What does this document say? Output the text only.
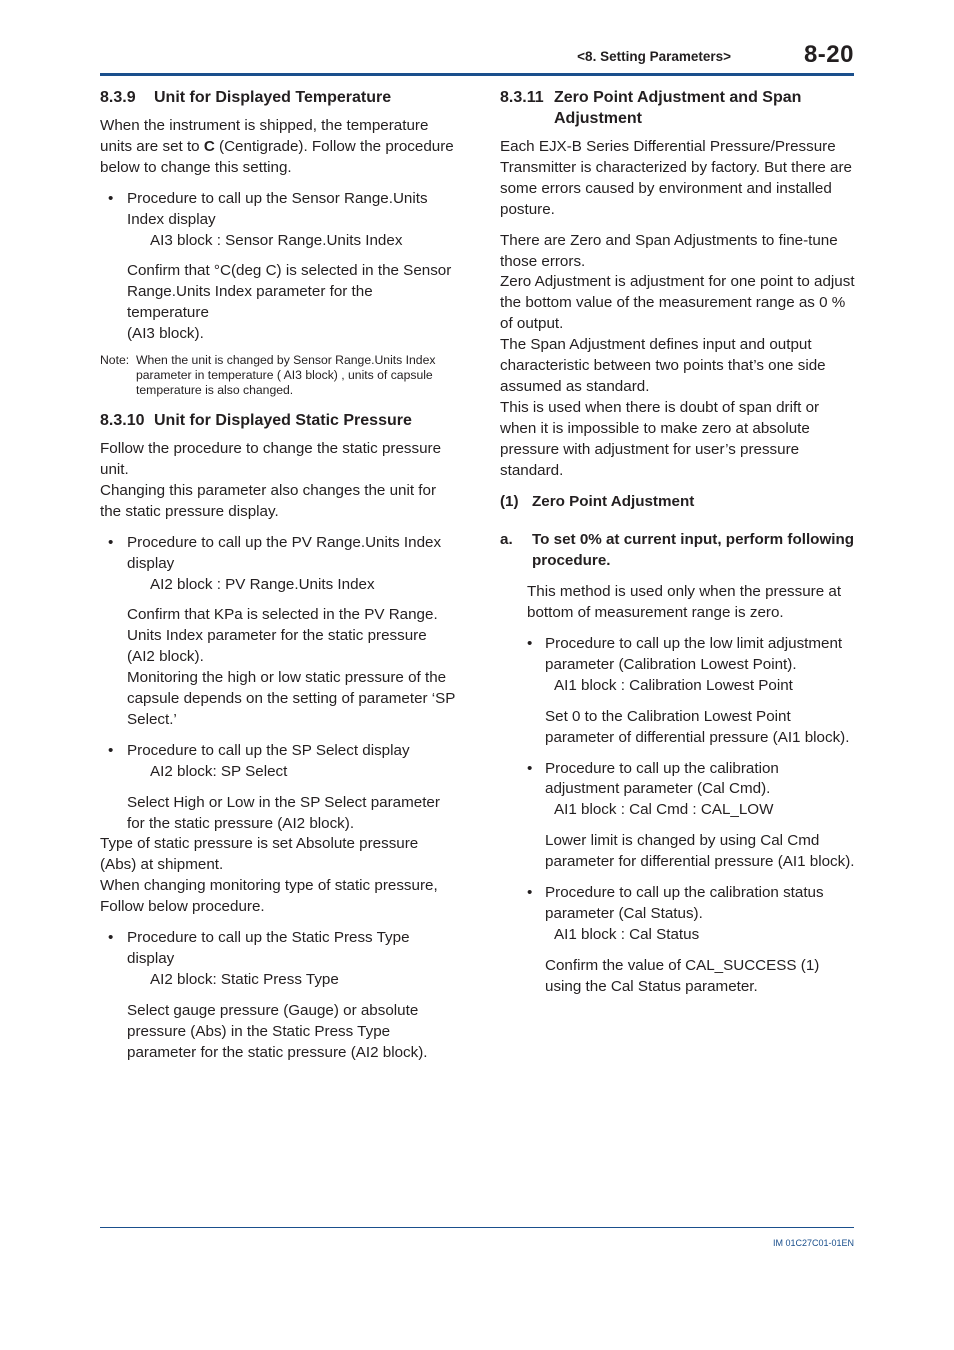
<8. Setting Parameters>	8-20
8.3.9	Unit for Displayed Temperature

When the instrument is shipped, the temperature units are set to C (Centigrade). Follow the procedure below to change this setting.

• Procedure to call up the Sensor Range.Units Index display

AI3 block : Sensor Range.Units Index

Confirm that °C(deg C) is selected in the Sensor Range.Units Index parameter for the temperature

(AI3 block).

Note: When the unit is changed by Sensor Range.Units Index parameter in temperature ( AI3 block) , units of capsule temperature is also changed.
8.3.10 Unit for Displayed Static Pressure

Follow the procedure to change the static pressure unit.

Changing this parameter also changes the unit for the static pressure display.

• Procedure to call up the PV Range.Units Index display

AI2 block : PV Range.Units Index

Confirm that KPa is selected in the PV Range. Units Index parameter for the static pressure (AI2 block).

Monitoring the high or low static pressure of the capsule depends on the setting of parameter ‘SP Select.’

• Procedure to call up the SP Select display

AI2 block: SP Select

Select High or Low in the SP Select parameter for the static pressure (AI2 block).

Type of static pressure is set Absolute pressure (Abs) at shipment.

When changing monitoring type of static pressure, Follow below procedure.

• Procedure to call up the Static Press Type display

AI2 block: Static Press Type

Select gauge pressure (Gauge) or absolute pressure (Abs) in the Static Press Type parameter for the static pressure (AI2 block).

8.3.11 Zero Point Adjustment and Span Adjustment

Each EJX-B Series Differential Pressure/Pressure Transmitter is characterized by factory. But there are some errors caused by environment and installed posture.

There are Zero and Span Adjustments to fine-tune those errors.

Zero Adjustment is adjustment for one point to adjust the bottom value of the measurement range as 0 % of output.

The Span Adjustment defines input and output characteristic between two points that’s one side assumed as standard.

This is used when there is doubt of span drift or when it is impossible to make zero at absolute pressure with adjustment for user’s pressure standard.

(1) Zero Point Adjustment
a.	To set 0% at current input, perform following procedure.

This method is used only when the pressure at bottom of measurement range is zero.

• Procedure to call up the low limit adjustment parameter (Calibration Lowest Point).

AI1 block : Calibration Lowest Point

Set 0 to the Calibration Lowest Point parameter of differential pressure (AI1 block).

• Procedure to call up the calibration adjustment parameter (Cal Cmd).

AI1 block : Cal Cmd : CAL_LOW

Lower limit is changed by using Cal Cmd parameter for differential pressure (AI1 block).

• Procedure to call up the calibration status parameter (Cal Status).

AI1 block : Cal Status

Confirm the value of CAL_SUCCESS (1) using the Cal Status parameter.

IM 01C27C01-01EN
